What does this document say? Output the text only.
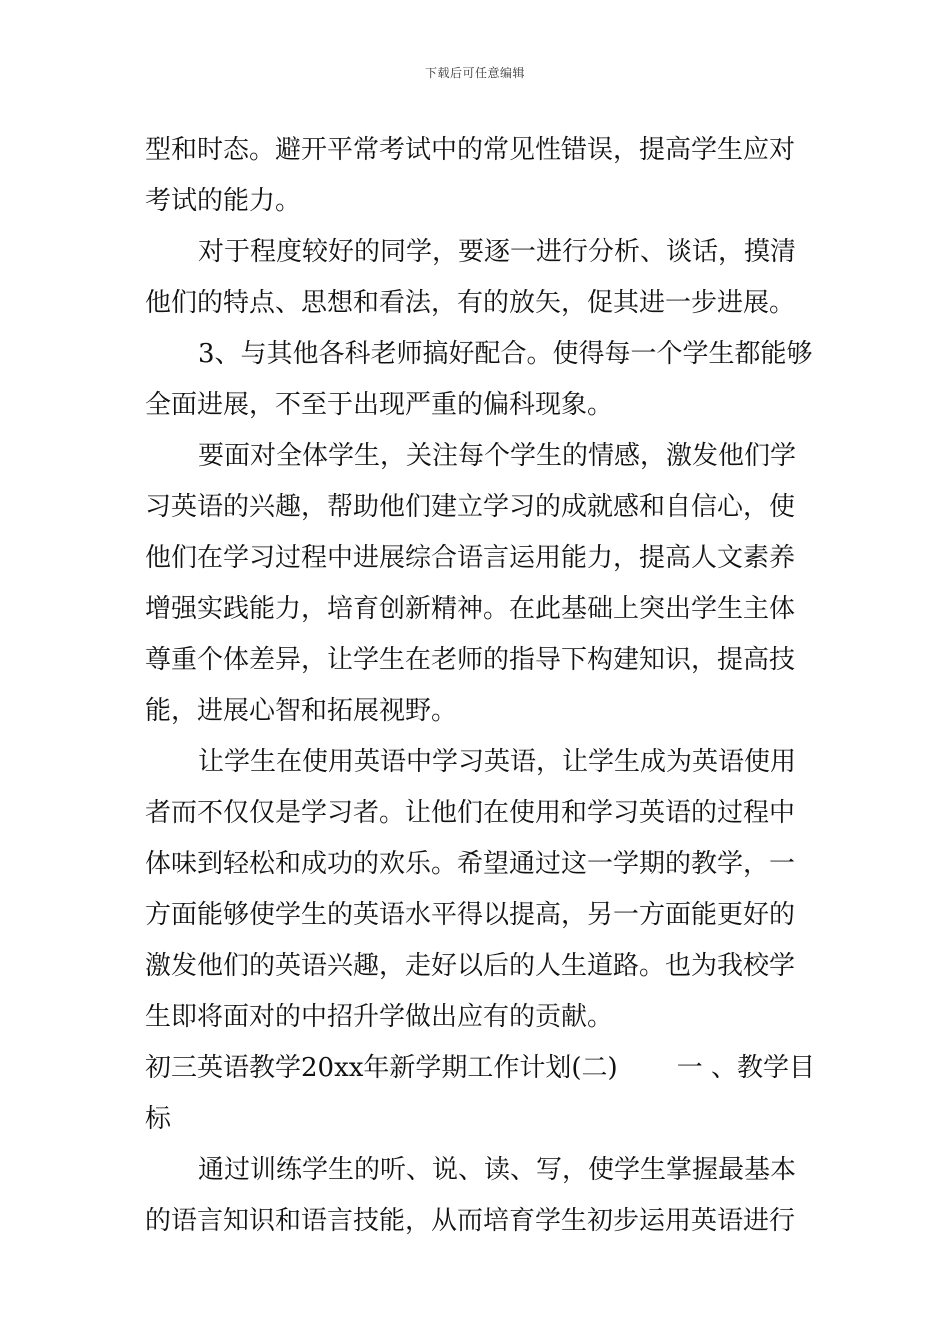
下载后可任意编辑
型和时态。避开平常考试中的常见性错误，提高学生应对
考试的能力。
对于程度较好的同学，要逐一进行分析、谈话，摸清
他们的特点、思想和看法，有的放矢，促其进一步进展。
3、与其他各科老师搞好配合。使得每一个学生都能够
全面进展，不至于出现严重的偏科现象。
要面对全体学生，关注每个学生的情感，激发他们学
习英语的兴趣，帮助他们建立学习的成就感和自信心，使
他们在学习过程中进展综合语言运用能力，提高人文素养
增强实践能力，培育创新精神。在此基础上突出学生主体
尊重个体差异，让学生在老师的指导下构建知识，提高技
能，进展心智和拓展视野。
让学生在使用英语中学习英语，让学生成为英语使用
者而不仅仅是学习者。让他们在使用和学习英语的过程中
体味到轻松和成功的欢乐。希望通过这一学期的教学，一
方面能够使学生的英语水平得以提高，另一方面能更好的
激发他们的英语兴趣，走好以后的人生道路。也为我校学
生即将面对的中招升学做出应有的贡献。
初三英语教学20xx年新学期工作计划(二) 一 、教学目
标
通过训练学生的听、说、读、写，使学生掌握最基本
的语言知识和语言技能，从而培育学生初步运用英语进行
